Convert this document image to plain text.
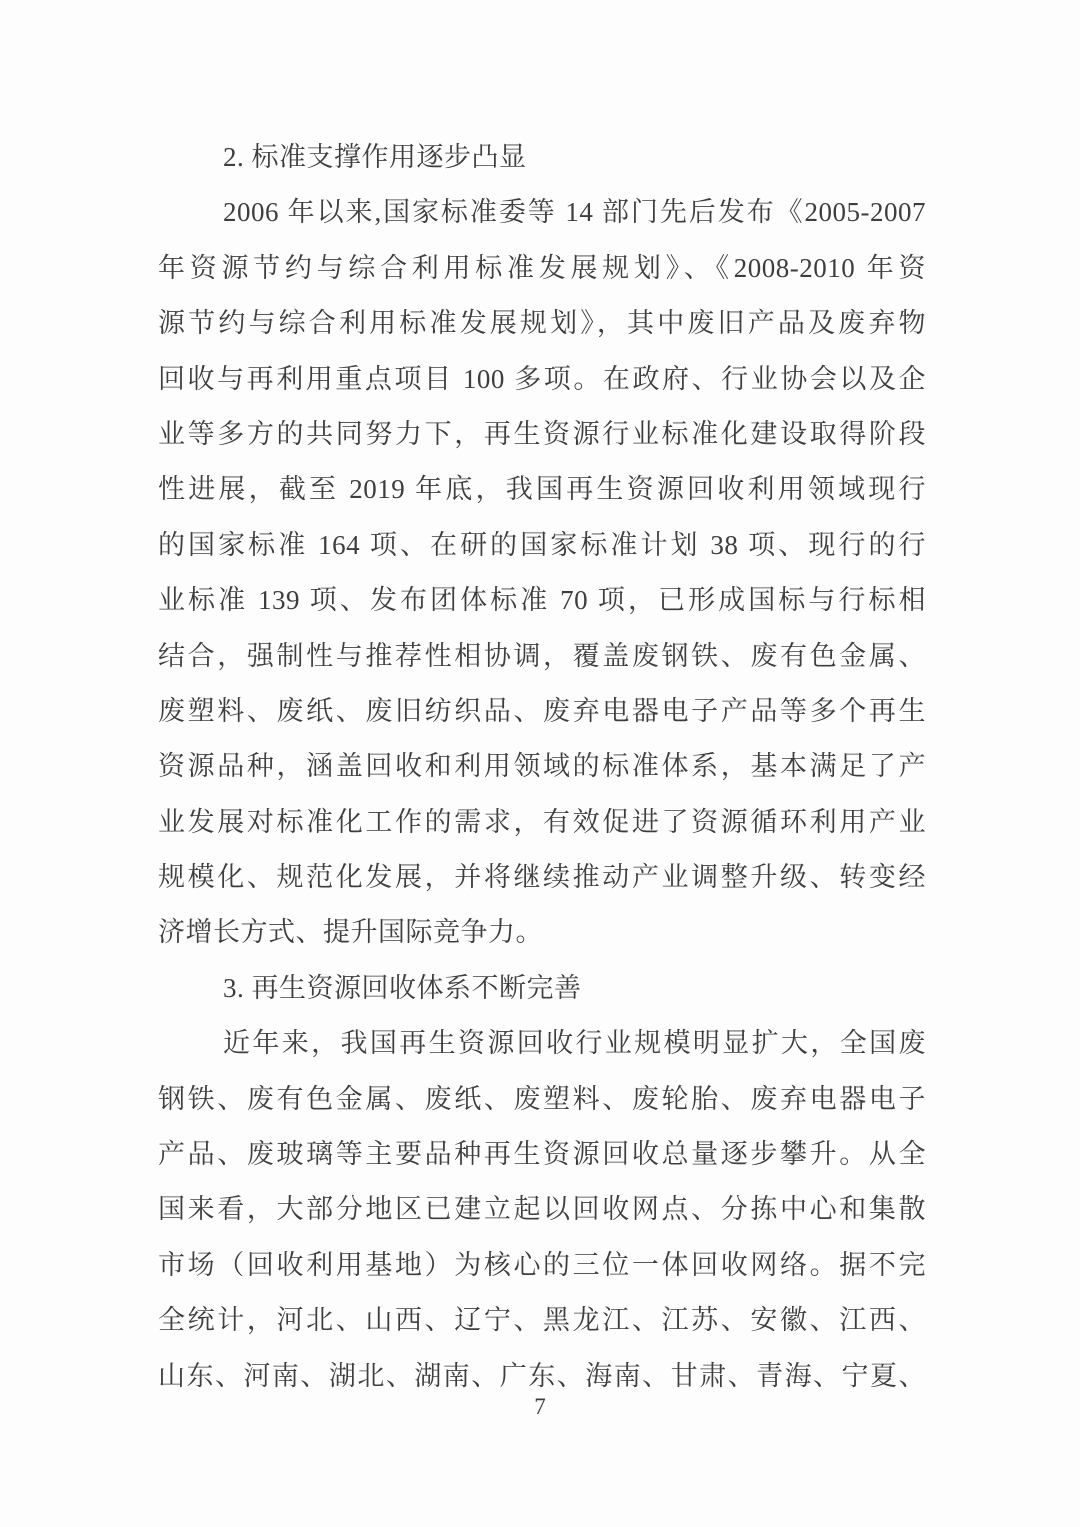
2. 标准支撑作用逐步凸显
2006 年以来,国家标准委等 14 部门先后发布《2005-2007
年资源节约与综合利用标准发展规划》、《2008-2010 年资
源节约与综合利用标准发展规划》，其中废旧产品及废弃物
回收与再利用重点项目 100 多项。在政府、行业协会以及企
业等多方的共同努力下，再生资源行业标准化建设取得阶段
性进展，截至 2019 年底，我国再生资源回收利用领域现行
的国家标准 164 项、在研的国家标准计划 38 项、现行的行
业标准 139 项、发布团体标准 70 项，已形成国标与行标相
结合，强制性与推荐性相协调，覆盖废钢铁、废有色金属、
废塑料、废纸、废旧纺织品、废弃电器电子产品等多个再生
资源品种，涵盖回收和利用领域的标准体系，基本满足了产
业发展对标准化工作的需求，有效促进了资源循环利用产业
规模化、规范化发展，并将继续推动产业调整升级、转变经
济增长方式、提升国际竞争力。
3. 再生资源回收体系不断完善
近年来，我国再生资源回收行业规模明显扩大，全国废
钢铁、废有色金属、废纸、废塑料、废轮胎、废弃电器电子
产品、废玻璃等主要品种再生资源回收总量逐步攀升。从全
国来看，大部分地区已建立起以回收网点、分拣中心和集散
市场（回收利用基地）为核心的三位一体回收网络。据不完
全统计，河北、山西、辽宁、黑龙江、江苏、安徽、江西、
山东、河南、湖北、湖南、广东、海南、甘肃、青海、宁夏、
7
